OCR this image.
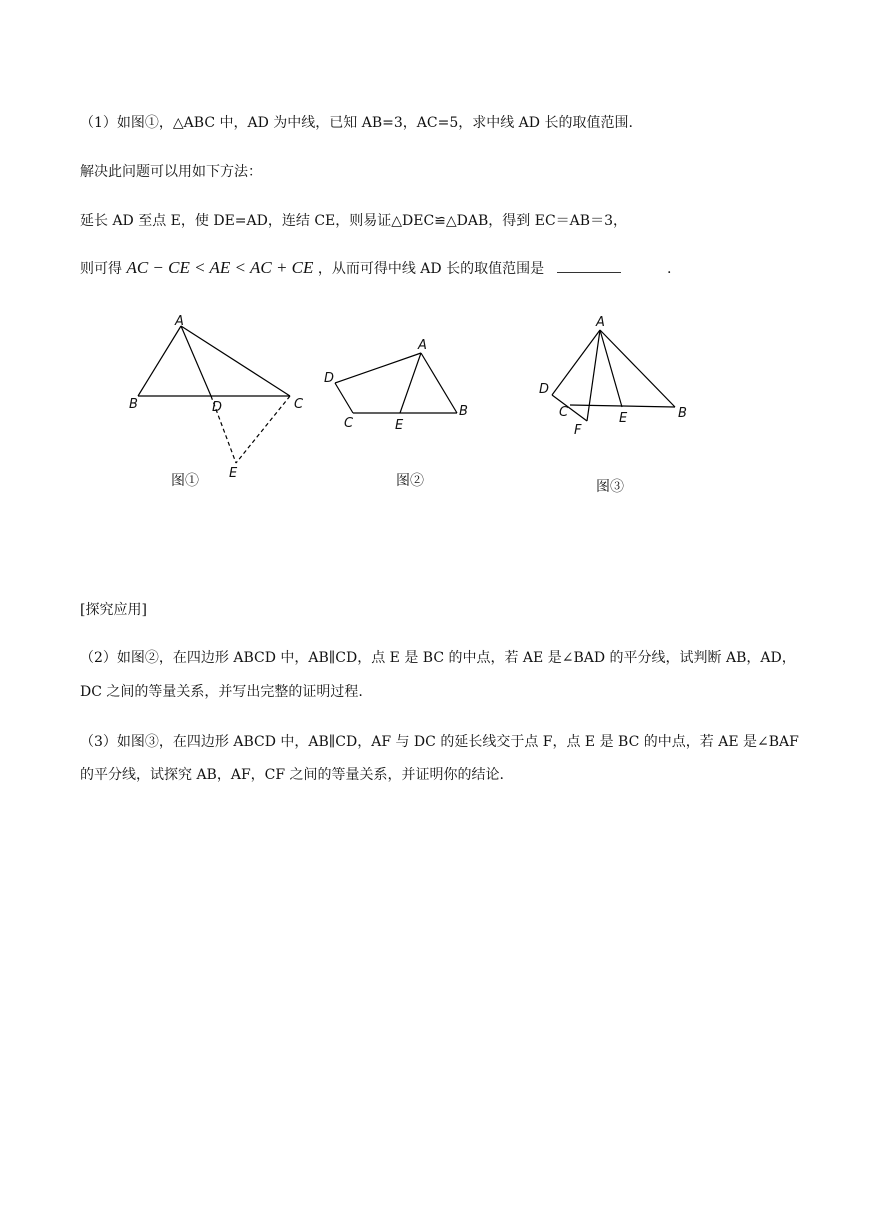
（1）如图①，△ABC 中，AD 为中线，已知 AB=3，AC=5，求中线 AD 长的取值范围.
解决此问题可以用如下方法：
延长 AD 至点 E，使 DE=AD，连结 CE，则易证△DEC≌△DAB，得到 EC＝AB＝3，
则可得 AC − CE < AE < AC + CE ，从而可得中线 AD 长的取值范围是	.
A
B	C
D
E
图①
A
B
C
D
E
图②
A
B
C
D
E
F
图③
[探究应用]
（2）如图②，在四边形 ABCD 中，AB∥CD，点 E 是 BC 的中点，若 AE 是∠BAD 的平分线，试判断 AB，AD，
DC 之间的等量关系，并写出完整的证明过程.
（3）如图③，在四边形 ABCD 中，AB∥CD，AF 与 DC 的延长线交于点 F，点 E 是 BC 的中点，若 AE 是∠BAF
的平分线，试探究 AB，AF，CF 之间的等量关系，并证明你的结论.
